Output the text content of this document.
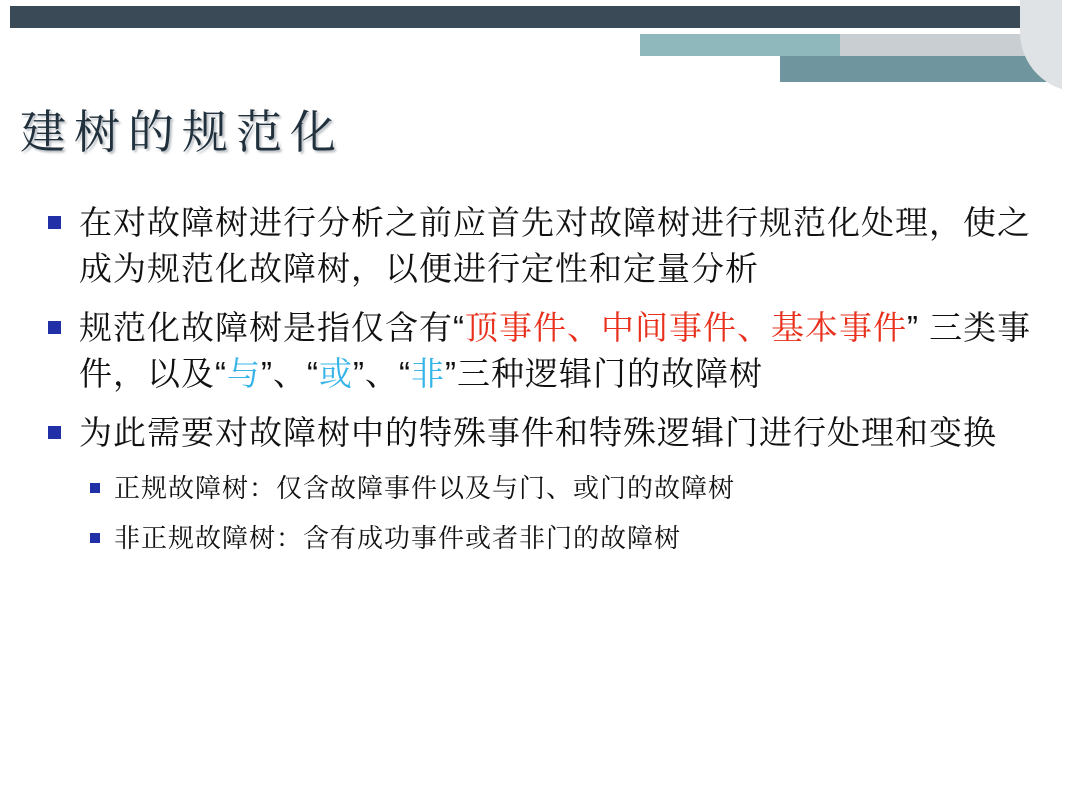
建树的规范化
在对故障树进行分析之前应首先对故障树进行规范化处理，使之成为规范化故障树，以便进行定性和定量分析
规范化故障树是指仅含有“顶事件、中间事件、基本事件” 三类事件，以及“与”、“或”、“非”三种逻辑门的故障树
为此需要对故障树中的特殊事件和特殊逻辑门进行处理和变换
正规故障树：仅含故障事件以及与门、或门的故障树
非正规故障树：含有成功事件或者非门的故障树
